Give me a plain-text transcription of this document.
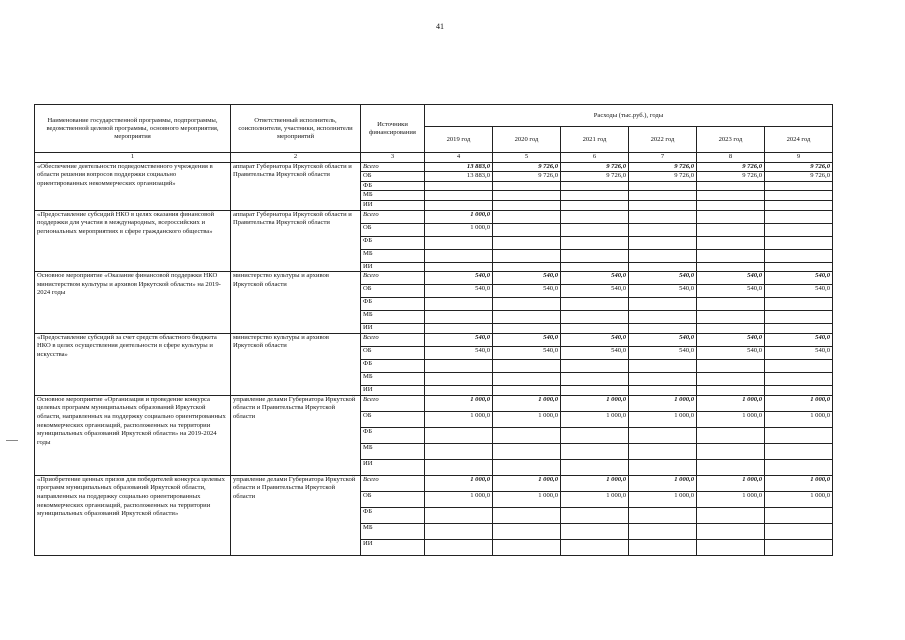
41
Наименование государственной программы, подпрограммы, ведомственной целевой программы, основного мероприятия, мероприятия	Ответственный исполнитель, соисполнители, участники, исполнители мероприятий	Источники финансирования	Расходы (тыс.руб.), годы					
			2019 год	2020 год	2021 год	2022 год	2023 год	2024 год
1	2	3	4	5	6	7	8	9
«Обеспечение деятельности подведомственного учреждения в области решения вопросов поддержки социально ориентированных некоммерческих организаций»	аппарат Губернатора Иркутской области и Правительства Иркутской области	Всего	13 883,0	9 726,0	9 726,0	9 726,0	9 726,0	9 726,0
		ОБ	13 883,0	9 726,0	9 726,0	9 726,0	9 726,0	9 726,0
		ФБ						
		МБ						
		ИИ						
«Предоставление субсидий НКО в целях оказания финансовой поддержки для участия в международных, всероссийских и региональных мероприятиях в сфере гражданского общества»	аппарат Губернатора Иркутской области и Правительства Иркутской области	Всего	1 000,0					
		ОБ	1 000,0					
		ФБ						
		МБ						
		ИИ						
Основное мероприятие «Оказание финансовой поддержки НКО министерством культуры и архивов Иркутской области» на 2019-2024 годы	министерство культуры и архивов Иркутской области	Всего	540,0	540,0	540,0	540,0	540,0	540,0
		ОБ	540,0	540,0	540,0	540,0	540,0	540,0
		ФБ						
		МБ						
		ИИ						
«Предоставление субсидий за счет средств областного бюджета НКО в целях осуществления деятельности в сфере культуры и искусства»	министерство культуры и архивов Иркутской области	Всего	540,0	540,0	540,0	540,0	540,0	540,0
		ОБ	540,0	540,0	540,0	540,0	540,0	540,0
		ФБ						
		МБ						
		ИИ						
Основное мероприятие «Организация и проведение конкурса целевых программ муниципальных образований Иркутской области, направленных на поддержку социально ориентированных некоммерческих организаций, расположенных на территории муниципальных образований Иркутской области» на 2019-2024 годы	управление делами Губернатора Иркутской области и Правительства Иркутской области	Всего	1 000,0	1 000,0	1 000,0	1 000,0	1 000,0	1 000,0
		ОБ	1 000,0	1 000,0	1 000,0	1 000,0	1 000,0	1 000,0
		ФБ						
		МБ						
		ИИ						
«Приобретение ценных призов для победителей конкурса целевых программ муниципальных образований Иркутской области, направленных на поддержку социально ориентированных некоммерческих организаций, расположенных на территории муниципальных образований Иркутской области»	управление делами Губернатора Иркутской области и Правительства Иркутской области	Всего	1 000,0	1 000,0	1 000,0	1 000,0	1 000,0	1 000,0
		ОБ	1 000,0	1 000,0	1 000,0	1 000,0	1 000,0	1 000,0
		ФБ						
		МБ						
		ИИ						
